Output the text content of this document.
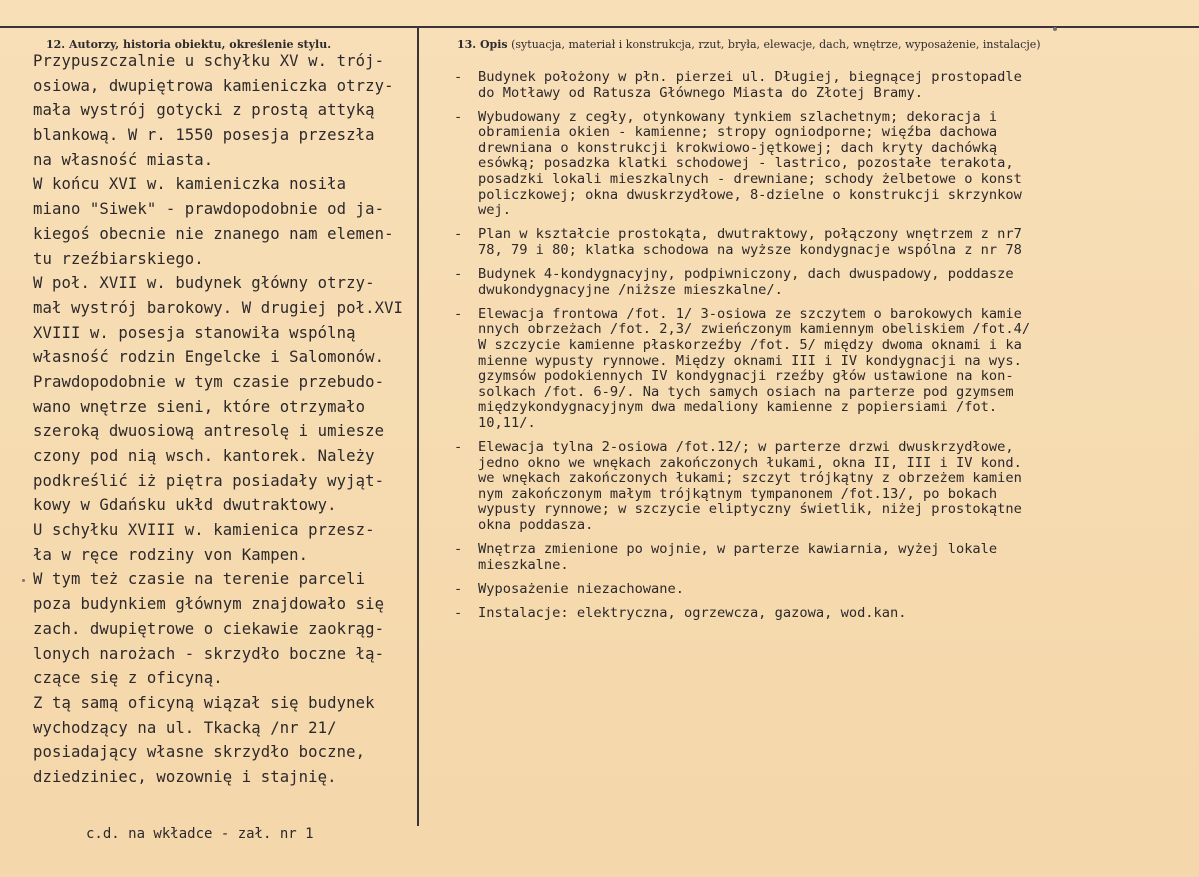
12. Autorzy, historia obiektu, określenie stylu.	13. Opis (sytuacja, materiał i konstrukcja, rzut, bryła, elewacje, dach, wnętrze, wyposażenie, instalacje)
Przypuszczalnie u schyłku XV w. trój-
osiowa, dwupiętrowa kamieniczka otrzy-
mała wystrój gotycki z prostą attyką
blankową. W r. 1550 posesja przeszła
na własność miasta.
W końcu XVI w. kamieniczka nosiła
miano "Siwek" - prawdopodobnie od ja-
kiegoś obecnie nie znanego nam elemen-
tu rzeźbiarskiego.
W poł. XVII w. budynek główny otrzy-
mał wystrój barokowy. W drugiej poł.XVI
XVIII w. posesja stanowiła wspólną
własność rodzin Engelcke i Salomonów.
Prawdopodobnie w tym czasie przebudo-
wano wnętrze sieni, które otrzymało
szeroką dwuosiową antresolę i umiesze
czony pod nią wsch. kantorek. Należy
podkreślić iż piętra posiadały wyjąt-
kowy w Gdańsku ukłd dwutraktowy.
U schyłku XVIII w. kamienica przesz-
ła w ręce rodziny von Kampen.
W tym też czasie na terenie parceli
poza budynkiem głównym znajdowało się
zach. dwupiętrowe o ciekawie zaokrąg-
lonych narożach - skrzydło boczne łą-
czące się z oficyną.
Z tą samą oficyną wiązał się budynek
wychodzący na ul. Tkacką /nr 21/
posiadający własne skrzydło boczne,
dziedziniec, wozownię i stajnię.
- Budynek położony w płn. pierzei ul. Długiej, biegnącej prostopadle
do Motławy od Ratusza Głównego Miasta do Złotej Bramy.
- Wybudowany z cegły, otynkowany tynkiem szlachetnym; dekoracja i
obramienia okien - kamienne; stropy ogniodporne; więźba dachowa
drewniana o konstrukcji krokwiowo-jętkowej; dach kryty dachówką
esówką; posadzka klatki schodowej - lastrico, pozostałe terakota,
posadzki lokali mieszkalnych - drewniane; schody żelbetowe o konst
policzkowej; okna dwuskrzydłowe, 8-dzielne o konstrukcji skrzynkow
wej.
- Plan w kształcie prostokąta, dwutraktowy, połączony wnętrzem z nr7
78, 79 i 80; klatka schodowa na wyższe kondygnacje wspólna z nr 78
- Budynek 4-kondygnacyjny, podpiwniczony, dach dwuspadowy, poddasze
dwukondygnacyjne /niższe mieszkalne/.
- Elewacja frontowa /fot. 1/ 3-osiowa ze szczytem o barokowych kamie
nnych obrzeżach /fot. 2,3/ zwieńczonym kamiennym obeliskiem /fot.4/
W szczycie kamienne płaskorzeźby /fot. 5/ między dwoma oknami i ka
mienne wypusty rynnowe. Między oknami III i IV kondygnacji na wys.
gzymsów podokiennych IV kondygnacji rzeźby głów ustawione na kon-
solkach /fot. 6-9/. Na tych samych osiach na parterze pod gzymsem
międzykondygnacyjnym dwa medaliony kamienne z popiersiami /fot.
10,11/.
- Elewacja tylna 2-osiowa /fot.12/; w parterze drzwi dwuskrzydłowe,
jedno okno we wnękach zakończonych łukami, okna II, III i IV kond.
we wnękach zakończonych łukami; szczyt trójkątny z obrzeżem kamien
nym zakończonym małym trójkątnym tympanonem /fot.13/, po bokach
wypusty rynnowe; w szczycie eliptyczny świetlik, niżej prostokątne
okna poddasza.
- Wnętrza zmienione po wojnie, w parterze kawiarnia, wyżej lokale
mieszkalne.
- Wyposażenie niezachowane.
- Instalacje: elektryczna, ogrzewcza, gazowa, wod.kan.
c.d. na wkładce - zał. nr 1
